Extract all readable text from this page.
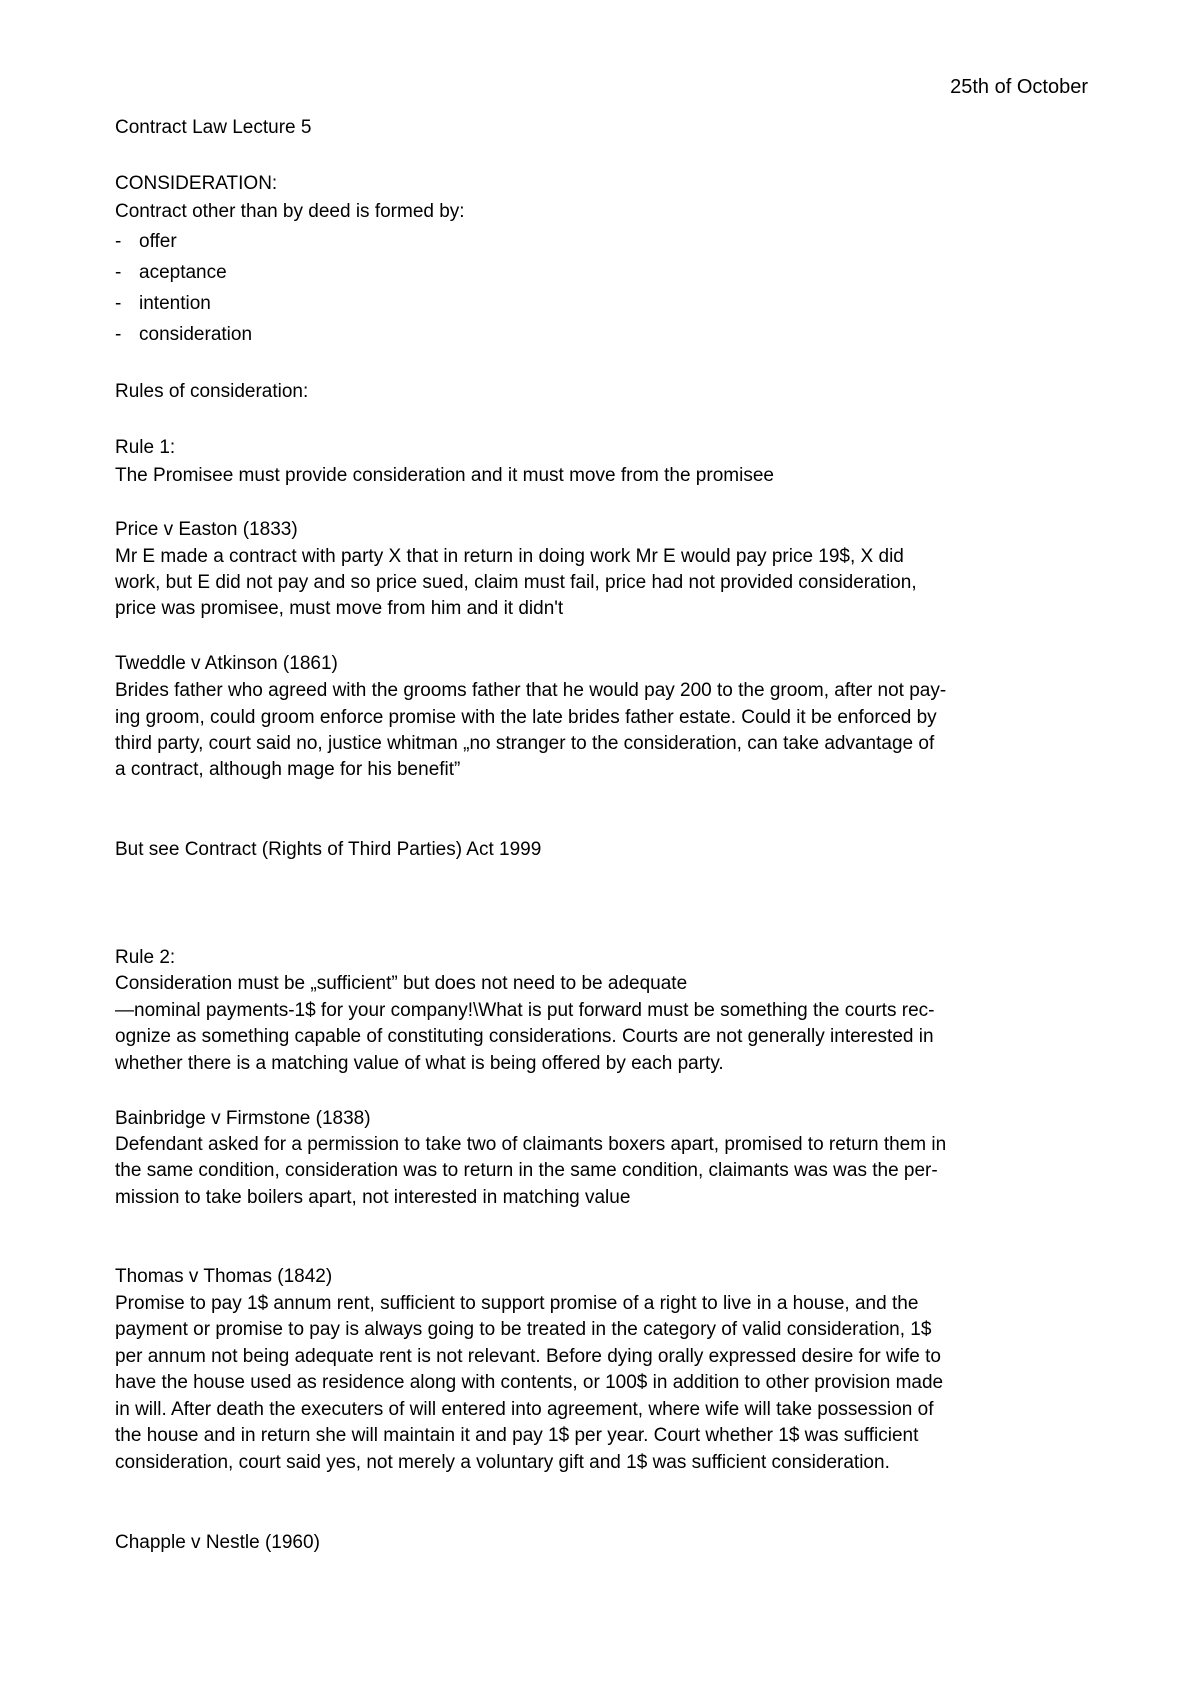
25th of October
Contract Law Lecture 5
CONSIDERATION:
Contract other than by deed is formed by:
- offer
- aceptance
- intention
- consideration
Rules of consideration:
Rule 1:
The Promisee must provide consideration and it must move from the promisee
Price v Easton (1833)
Mr E made a contract with party X that in return in doing work Mr E would pay price 19$, X did
work, but E did not pay and so price sued, claim must fail, price had not provided consideration,
price was promisee, must move from him and it didn't
Tweddle v Atkinson (1861)
Brides father who agreed with the grooms father that he would pay 200 to the groom, after not pay-
ing groom, could groom enforce promise with the late brides father estate. Could it be enforced by
third party, court said no, justice whitman „no stranger to the consideration, can take advantage of
a contract, although mage for his benefit”
But see Contract (Rights of Third Parties) Act 1999
Rule 2:
Consideration must be „sufficient” but does not need to be adequate
—nominal payments-1$ for your company!\What is put forward must be something the courts rec-
ognize as something capable of constituting considerations. Courts are not generally interested in
whether there is a matching value of what is being offered by each party.
Bainbridge v Firmstone (1838)
Defendant asked for a permission to take two of claimants boxers apart, promised to return them in
the same condition, consideration was to return in the same condition, claimants was was the per-
mission to take boilers apart, not interested in matching value
Thomas v Thomas (1842)
Promise to pay 1$ annum rent, sufficient to support promise of a right to live in a house, and the
payment or promise to pay is always going to be treated in the category of valid consideration, 1$
per annum not being adequate rent is not relevant. Before dying orally expressed desire for wife to
have the house used as residence along with contents, or 100$ in addition to other provision made
in will. After death the executers of will entered into agreement, where wife will take possession of
the house and in return she will maintain it and pay 1$ per year. Court whether 1$ was sufficient
consideration, court said yes, not merely a voluntary gift and 1$ was sufficient consideration.
Chapple v Nestle (1960)
